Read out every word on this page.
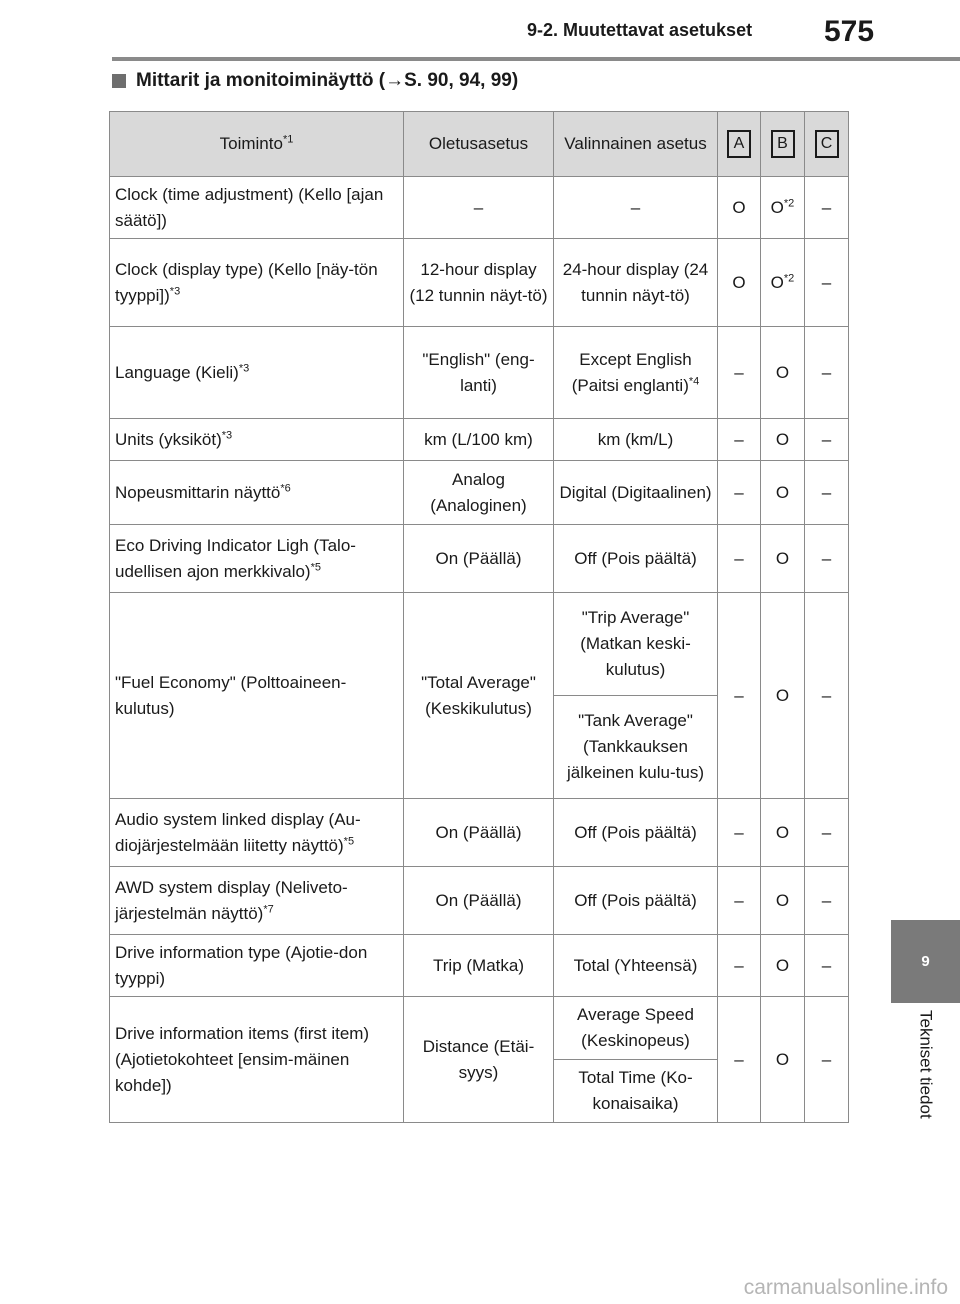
9-2. Muutettavat asetukset 575
9
Tekniset tiedot
Mittarit ja monitoiminäyttö ( → S. 90, 94, 99)
Toiminto$^{*1}$	Oletusasetus	Valinnainen asetus	A	B	C
Clock (time adjustment) (Kello [ajan säätö])	–	–	O	$O^{*2}$	–
Clock (display type) (Kello [näy-tön tyyppi])$^{*3}$	12-hour display (12 tunnin näyt-tö)	24-hour display (24 tunnin näyt-tö)	O	$O^{*2}$	–
Language (Kieli)$^{*3}$	"English" (eng-lanti)	Except English (Paitsi englanti)$^{*4}$	–	O	–
Units (yksiköt)$^{*3}$	km (L/100 km)	km (km/L)	–	O	–
Nopeusmittarin näyttö$^{*6}$	Analog (Analoginen)	Digital (Digitaalinen)	–	O	–
Eco Driving Indicator Ligh (Talo-udellisen ajon merkkivalo)$^{*5}$	On (Päällä)	Off (Pois päältä)	–	O	–
"Fuel Economy" (Polttoaineen-kulutus)	"Total Average" (Keskikulutus)	"Trip Average" (Matkan keski-kulutus)	–	O	–
		"Tank Average" (Tankkauksen jälkeinen kulu-tus)			
Audio system linked display (Au-diojärjestelmään liitetty näyttö)$^{*5}$	On (Päällä)	Off (Pois päältä)	–	O	–
AWD system display (Neliveto-järjestelmän näyttö)$^{*7}$	On (Päällä)	Off (Pois päältä)	–	O	–
Drive information type (Ajotie-don tyyppi)	Trip (Matka)	Total (Yhteensä)	–	O	–
Drive information items (first item) (Ajotietokohteet [ensim-mäinen kohde])	Distance (Etäi-syys)	Average Speed (Keskinopeus)	–	O	–
		Total Time (Ko-konaisaika)			
carmanualsonline.info
